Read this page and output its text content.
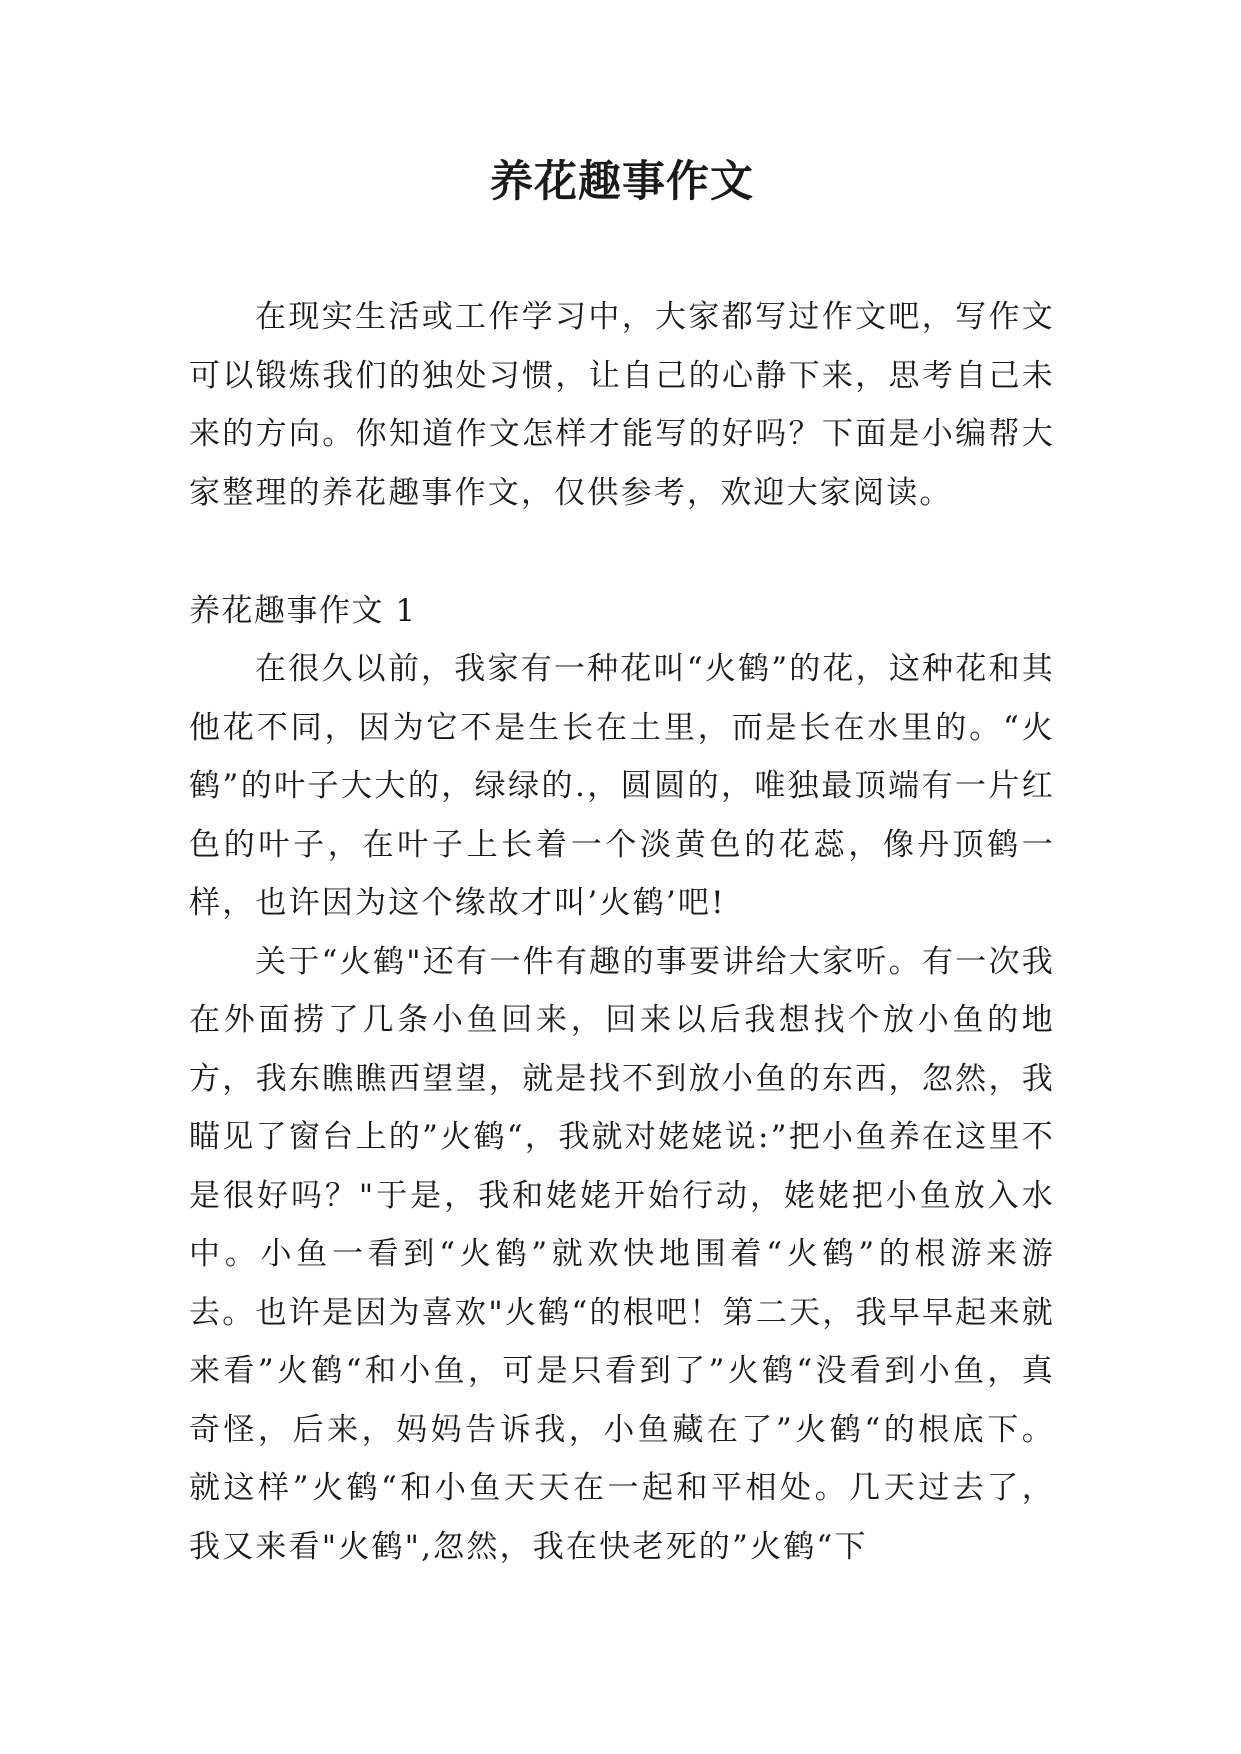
养花趣事作文

在现实生活或工作学习中，大家都写过作文吧，写作文可以锻炼我们的独处习惯，让自己的心静下来，思考自己未来的方向。你知道作文怎样才能写的好吗？下面是小编帮大家整理的养花趣事作文，仅供参考，欢迎大家阅读。

养花趣事作文 1

在很久以前，我家有一种花叫“火鹤”的花，这种花和其他花不同，因为它不是生长在土里，而是长在水里的。“火鹤”的叶子大大的，绿绿的.，圆圆的，唯独最顶端有一片红色的叶子，在叶子上长着一个淡黄色的花蕊，像丹顶鹤一样，也许因为这个缘故才叫’火鹤’吧!

关于“火鹤"还有一件有趣的事要讲给大家听。有一次我在外面捞了几条小鱼回来，回来以后我想找个放小鱼的地方，我东瞧瞧西望望，就是找不到放小鱼的东西，忽然，我瞄见了窗台上的”火鹤“，我就对姥姥说:”把小鱼养在这里不是很好吗？"于是，我和姥姥开始行动，姥姥把小鱼放入水中。小鱼一看到“火鹤”就欢快地围着“火鹤”的根游来游去。也许是因为喜欢"火鹤“的根吧！第二天，我早早起来就来看”火鹤“和小鱼，可是只看到了”火鹤“没看到小鱼，真奇怪，后来，妈妈告诉我，小鱼藏在了”火鹤“的根底下。就这样”火鹤“和小鱼天天在一起和平相处。几天过去了，我又来看"火鹤",忽然，我在快老死的”火鹤“下
